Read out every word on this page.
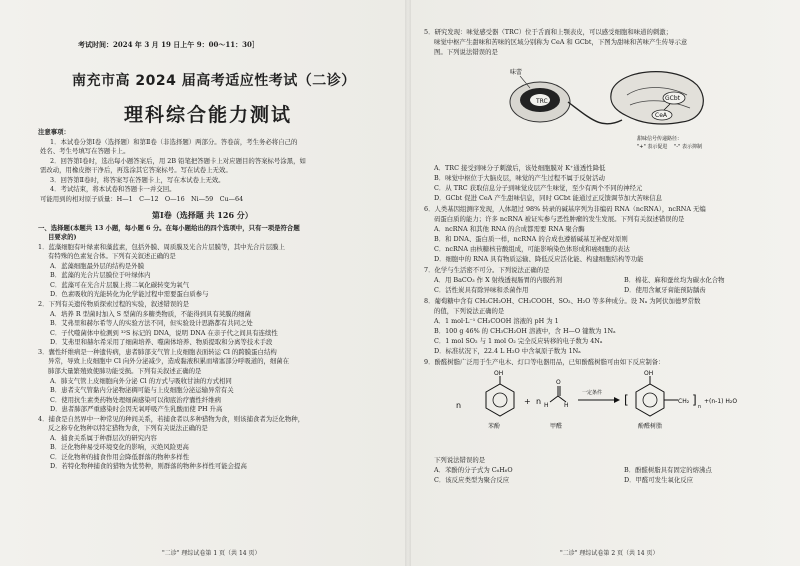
考试时间：2024 年 3 月 19 日上午 9：00～11：30］
南充市高 2024 届高考适应性考试（二诊）
理科综合能力测试
注意事项：
1．本试卷分第Ⅰ卷（选择题）和第Ⅱ卷（非选择题）两部分。答卷前，考生务必将自己的
姓名、考生号填写在答题卡上。
2．回答第Ⅰ卷时，选出每小题答案后，用 2B 铅笔把答题卡上对应题目的答案标号涂黑，如
需改动，用橡皮擦干净后，再选涂其它答案标号。写在试卷上无效。
3．回答第Ⅱ卷时，将答案写在答题卡上，写在本试卷上无效。
4．考试结束，将本试卷和答题卡一并交回。
可能用到的相对原子质量：H—1　C—12　O—16　Ni—59　Cu—64
第Ⅰ卷（选择题 共 126 分）
一、选择题(本题共 13 小题，每小题 6 分。在每小题给出的四个选项中，只有一项是符合题
目要求的)
1．蓝藻细胞有叶绿素和藻蓝素，包括外膜、周质膜及光合片层膜等，其中光合片层膜上
有特殊的色素复合体。下列有关叙述正确的是
A．蓝藻细胞最外层的结构是外膜
B．蓝藻的光合片层膜位于叶绿体内
C．蓝藻可在光合片层膜上将二氧化碳转变为氧气
D．色素吸收的光能转化为化学能过程中需要蛋白质参与
2．下列有关遗传物质探索过程的实验，叙述错误的是
A．培养 R 型菌时加入 S 型菌的多糖类物质，不能得到具有荚膜的细菌
B．艾弗里和赫尔希等人的实验方法不同，但实验设计思路都有共同之处
C．子代噬菌体中检测到 ³²S 标记的 DNA，说明 DNA 在亲子代之间具有连续性
D．艾弗里和赫尔希采用了细菌培养、噬菌体培养、物质提取和分离等技术手段
3．囊性纤维病是一种遗传病，患者肺部支气管上皮细胞表面转运 Cl 的跨膜蛋白结构
异常，导致上皮细胞中 Cl 向外分泌减少，造成黏液积累而堵塞部分呼吸道的，细菌在
肺部大量繁殖致使肺功能受损。下列有关叙述正确的是
A．肺支气管上皮细胞向外分泌 Cl 的方式与吸收甘油的方式相同
B．患者支气管黏内分泌物泌稠可能与上皮细胞分泌运输异常有关
C．使用抗生素类药物处理细菌感染可以彻底治疗囊性纤维病
D．患者肺部严重感染时会因无氧呼吸产生乳酸而使 PH 升高
4．捕食是自然界中一种常见的种间关系，若捕食者以多种猎物为食，则该捕食者为泛化物种，
反之称专化物种以特定猎物为食，下列有关说法正确的是
A．捕食关系属于种群层次的研究内容
B．泛化物种易受环境变化的影响，灭绝风险更高
C．泛化物种的捕食作用会降低群落的物种多样性
D．若特化物种捕食的猎物为优势种，则群落的物种多样性可能会提高
"二诊" 理综试卷第 1 页（共 14 页）
5．研究发现：味觉感受器（TRC）位于舌面和上颚表皮，可以感受细胞和味道的刺激；
味觉中枢产生甜味和苦味的区域分别称为 CeA 和 GCbt，下图为甜味和苦味产生传导示意
图。下列说法错误的是
TRC
味蕾
GCbt
CeA
甜味信号传递路径：
"+" 表示促进 "-" 表示抑制
A．TRC 接受到味分子刺激后，该处细胞膜对 K⁺通透性降低
B．味觉中枢位于大脑皮层，味觉的产生过程不属于反射活动
C．从 TRC 获取信息分子到味觉皮层产生味觉，至少有两个不同的神经元
D．GCbt 促进 CeA 产生甜味信息，同时 GCbt 能通过正反馈调节加大苦味信息
6．人类基因组测序发现，人体超过 98% 转录的碱基序列为非编码 RNA（ncRNA），ncRNA 无编
码蛋白质的能力；许多 ncRNA 被证实参与恶性肿瘤的发生发展。下列有关叙述错误的是
A．ncRNA 和其他 RNA 的合成都需要 RNA 聚合酶
B．和 DNA、蛋白质一样，ncRNA 的合成也遵循碱基互补配对原则
C．ncRNA 由核糖核苷酸组成，可能影响染色体形成和癌细胞的表达
D．细胞中的 RNA 具有物质运输、降低反应活化能、构建细胞结构等功能
7．化学与生活密不可分。下列说法正确的是
A．用 BaCO₃ 作 X 射线透视肠胃的内服药剂	B．棉花、麻和蚕丝均为碳水化合物
C．活性炭具有除异味和杀菌作用	D．使用含氟牙膏能预防龋齿
8．葡萄糖中含有 CH₂CH₂OH、CH₃COOH、SO₂、H₂O 等多种成分。设 Nₐ 为阿伏加德罗常数
的值，下列说法正确的是
A．1 mol·L⁻¹ CH₃COOH 溶液的 pH 为 1
B．100 g 46% 的 CH₃CH₂OH 溶液中，含 H—O 键数为 1Nₐ
C．1 mol SO₂ 与 1 mol O₂ 完全反应转移的电子数为 4Nₐ
D．标准状况下，22.4 L H₂O 中含氧原子数为 1Nₐ
9．酚醛树脂广泛用于生产电木、灯口等电器用品，已知酚醛树脂可由如下反应制备：
n
OH
苯酚
+ n
O
H	H
甲醛
一定条件 [
OH
CH₂ ] n
+(n-1) H₂O
酚醛树脂
下列说法错误的是
A．苯酚的分子式为 C₆H₆O	B．酚醛树脂具有固定的熔沸点
C．该反应类型为聚合反应	D．甲醛可发生氧化反应
"二诊" 理综试卷第 2 页（共 14 页）
